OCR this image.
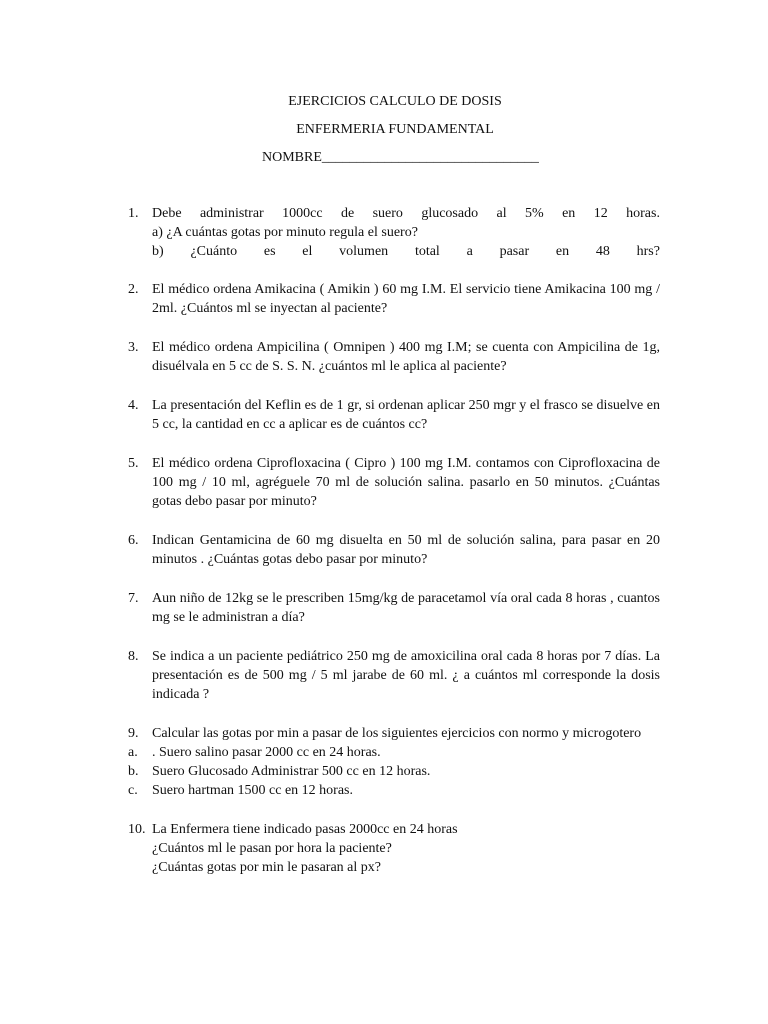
EJERCICIOS CALCULO DE DOSIS
ENFERMERIA FUNDAMENTAL
NOMBRE_______________________________
1. Debe administrar 1000cc de suero glucosado al 5% en 12 horas.
a) ¿A cuántas gotas por minuto regula el suero?
b) ¿Cuánto es el volumen total a pasar en 48 hrs?
2. El médico ordena Amikacina ( Amikin ) 60 mg I.M. El servicio tiene Amikacina 100 mg / 2ml. ¿Cuántos ml se inyectan al paciente?
3. El médico ordena Ampicilina ( Omnipen ) 400 mg I.M; se cuenta con Ampicilina de 1g, disuélvala en 5 cc de S. S. N. ¿cuántos ml le aplica al paciente?
4. La presentación del Keflin es de 1 gr, si ordenan aplicar 250 mgr y el frasco se disuelve en 5 cc, la cantidad en cc a aplicar es de cuántos cc?
5. El médico ordena Ciprofloxacina ( Cipro ) 100 mg I.M. contamos con Ciprofloxacina de 100 mg / 10 ml, agréguele 70 ml de solución salina. pasarlo en 50 minutos. ¿Cuántas gotas debo pasar por minuto?
6. Indican Gentamicina de 60 mg disuelta en 50 ml de solución salina, para pasar en 20 minutos . ¿Cuántas gotas debo pasar por minuto?
7. Aun niño de 12kg se le prescriben 15mg/kg de paracetamol vía oral cada 8 horas , cuantos mg se le administran a día?
8. Se indica a un paciente pediátrico 250 mg de amoxicilina oral cada 8 horas por 7 días. La presentación es de 500 mg / 5 ml jarabe de 60 ml. ¿ a cuántos ml corresponde la dosis indicada ?
9. Calcular las gotas por min a pasar de los siguientes ejercicios con normo y microgotero
a. . Suero salino pasar 2000 cc en 24 horas.
b. Suero Glucosado Administrar 500 cc en 12 horas.
c. Suero hartman 1500 cc en 12 horas.
10. La Enfermera tiene indicado pasas 2000cc en 24 horas
¿Cuántos ml le pasan por hora la paciente?
¿Cuántas gotas por min le pasaran al px?
